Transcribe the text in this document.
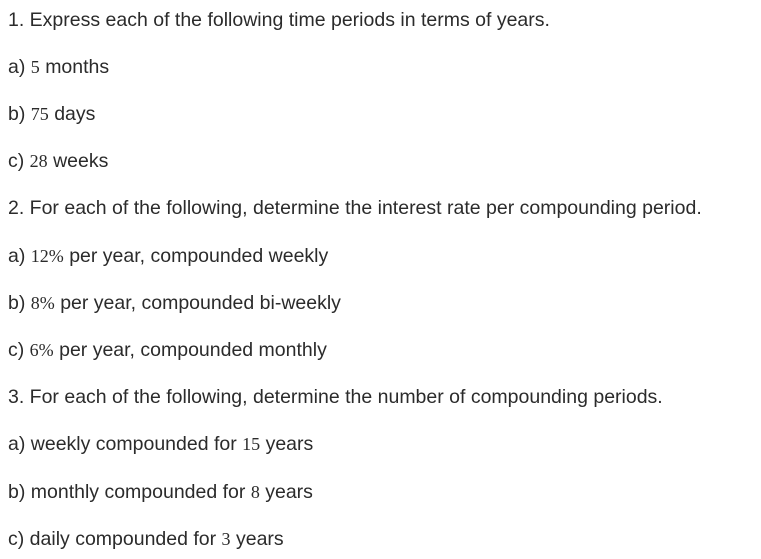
1. Express each of the following time periods in terms of years.
a) 5 months
b) 75 days
c) 28 weeks
2. For each of the following, determine the interest rate per compounding period.
a) 12% per year, compounded weekly
b) 8% per year, compounded bi-weekly
c) 6% per year, compounded monthly
3. For each of the following, determine the number of compounding periods.
a) weekly compounded for 15 years
b) monthly compounded for 8 years
c) daily compounded for 3 years
